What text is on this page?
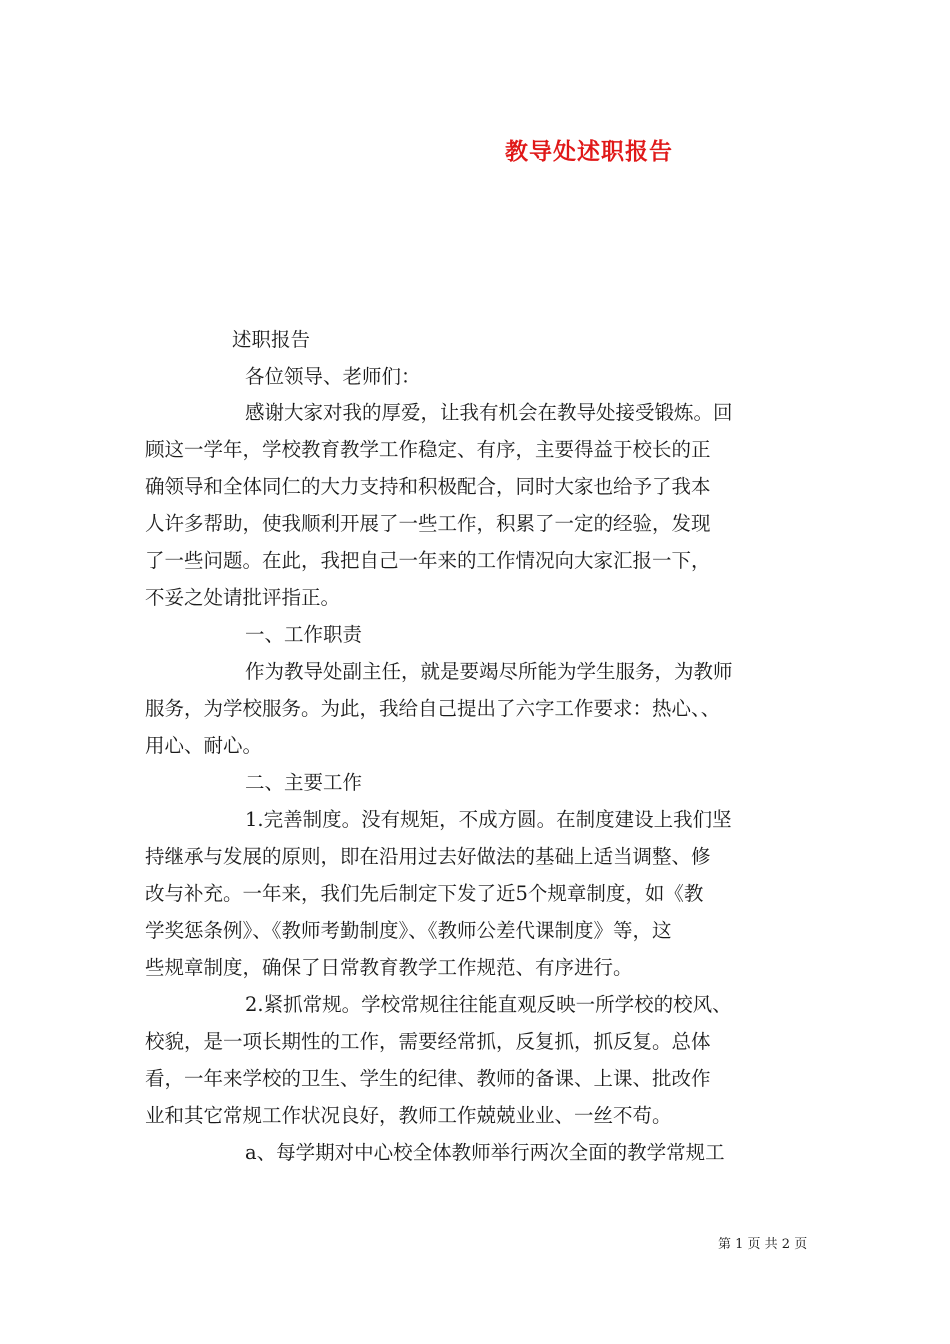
教导处述职报告
述职报告
各位领导、老师们：
感谢大家对我的厚爱，让我有机会在教导处接受锻炼。回
顾这一学年，学校教育教学工作稳定、有序，主要得益于校长的正
确领导和全体同仁的大力支持和积极配合，同时大家也给予了我本
人许多帮助，使我顺利开展了一些工作，积累了一定的经验，发现
了一些问题。在此，我把自己一年来的工作情况向大家汇报一下，
不妥之处请批评指正。
一、工作职责
作为教导处副主任，就是要竭尽所能为学生服务，为教师
服务，为学校服务。为此，我给自己提出了六字工作要求：热心、、
用心、耐心。
二、主要工作
1.完善制度。没有规矩，不成方圆。在制度建设上我们坚
持继承与发展的原则，即在沿用过去好做法的基础上适当调整、修
改与补充。一年来，我们先后制定下发了近5个规章制度，如《教
学奖惩条例》、《教师考勤制度》、《教师公差代课制度》等，这
些规章制度，确保了日常教育教学工作规范、有序进行。
2.紧抓常规。学校常规往往能直观反映一所学校的校风、
校貌，是一项长期性的工作，需要经常抓，反复抓，抓反复。总体
看，一年来学校的卫生、学生的纪律、教师的备课、上课、批改作
业和其它常规工作状况良好，教师工作兢兢业业、一丝不苟。
a、每学期对中心校全体教师举行两次全面的教学常规工
第 1 页 共 2 页
